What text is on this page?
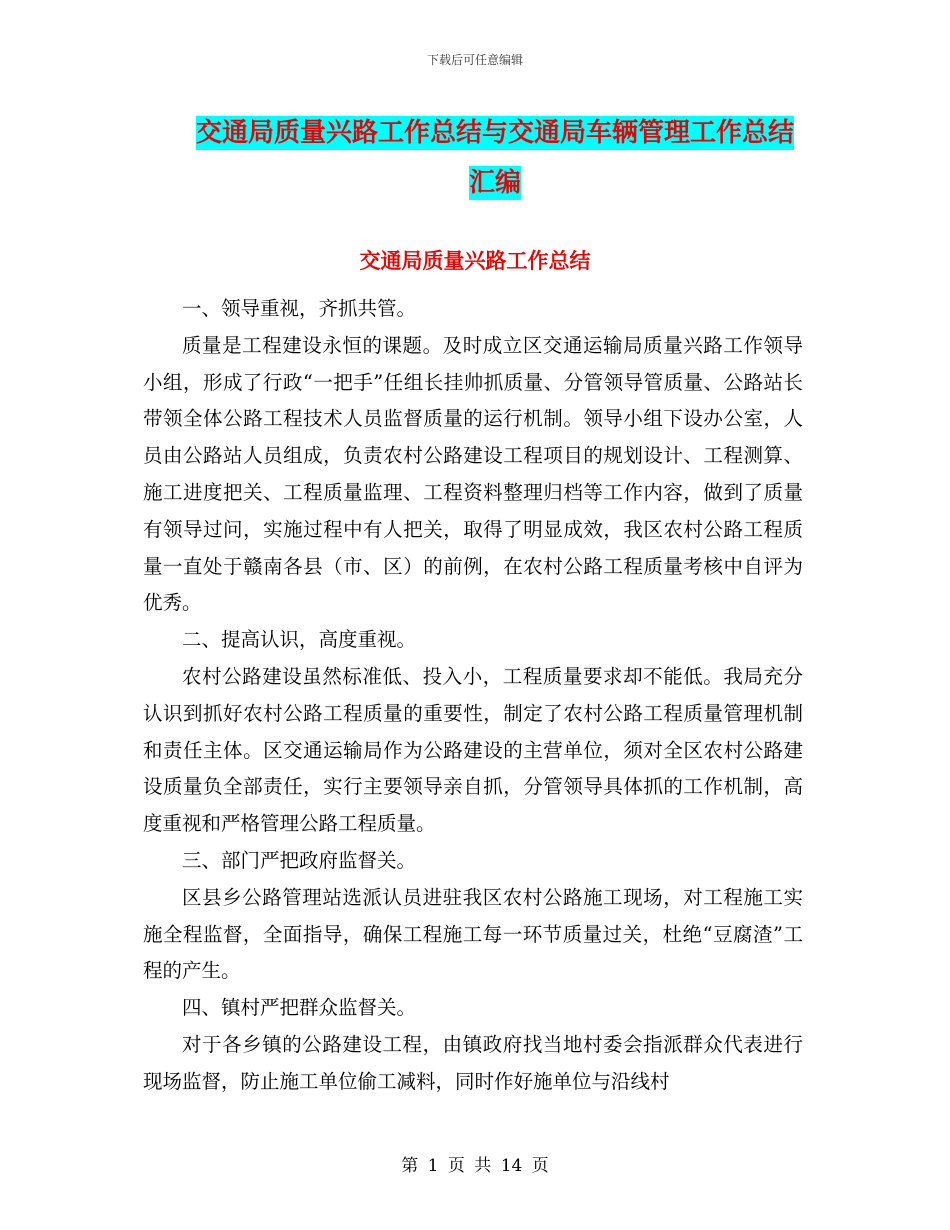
下载后可任意编辑
交通局质量兴路工作总结与交通局车辆管理工作总结
汇编
交通局质量兴路工作总结

一、领导重视，齐抓共管。

质量是工程建设永恒的课题。及时成立区交通运输局质量兴路工作领导小组，形成了行政“一把手”任组长挂帅抓质量、分管领导管质量、公路站长带领全体公路工程技术人员监督质量的运行机制。领导小组下设办公室，人员由公路站人员组成，负责农村公路建设工程项目的规划设计、工程测算、施工进度把关、工程质量监理、工程资料整理归档等工作内容，做到了质量有领导过问，实施过程中有人把关，取得了明显成效，我区农村公路工程质量一直处于赣南各县（市、区）的前例，在农村公路工程质量考核中自评为优秀。

二、提高认识，高度重视。

农村公路建设虽然标准低、投入小，工程质量要求却不能低。我局充分认识到抓好农村公路工程质量的重要性，制定了农村公路工程质量管理机制和责任主体。区交通运输局作为公路建设的主营单位，须对全区农村公路建设质量负全部责任，实行主要领导亲自抓，分管领导具体抓的工作机制，高度重视和严格管理公路工程质量。

三、部门严把政府监督关。

区县乡公路管理站选派认员进驻我区农村公路施工现场，对工程施工实施全程监督，全面指导，确保工程施工每一环节质量过关，杜绝“豆腐渣”工程的产生。

四、镇村严把群众监督关。

对于各乡镇的公路建设工程，由镇政府找当地村委会指派群众代表进行现场监督，防止施工单位偷工减料，同时作好施单位与沿线村

第 1 页 共 14 页
